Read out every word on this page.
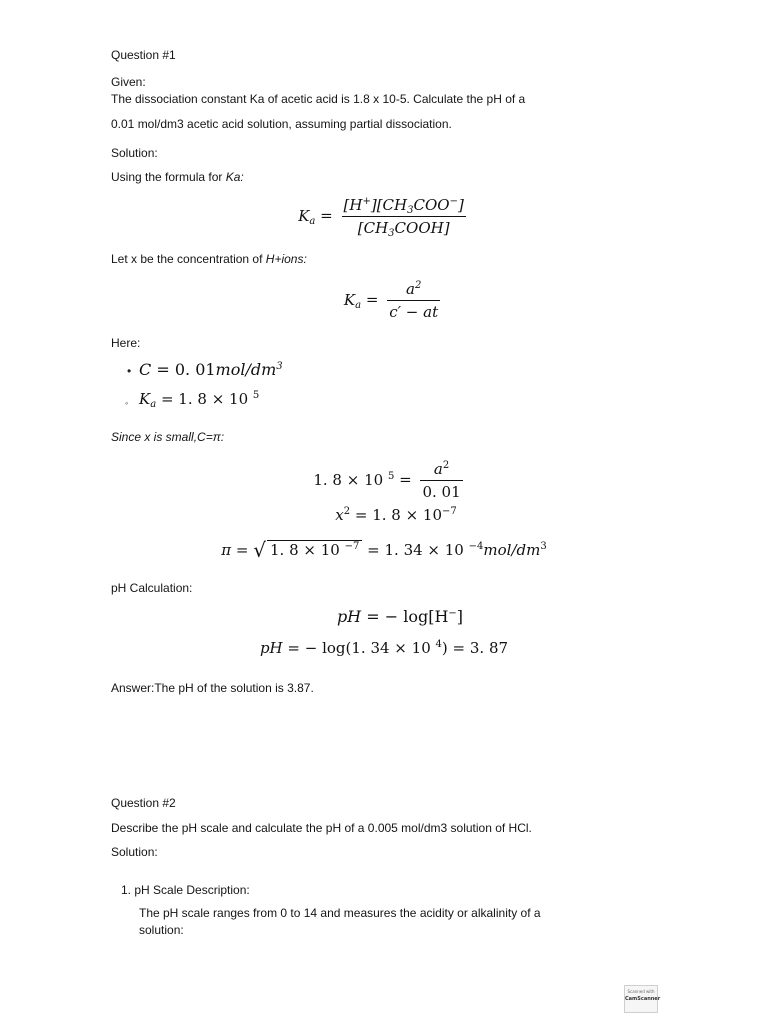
Question #1
Given:
The dissociation constant Ka of acetic acid is 1.8 x 10-5. Calculate the pH of a
0.01 mol/dm3 acetic acid solution, assuming partial dissociation.
Solution:
Using the formula for Ka:
$K_a = \frac{[H^+][CH_3COO^-]}{[CH_3COOH]}$
Let x be the concentration of H+ions:
$K_a = \frac{a^2}{c' - at}$
Here:
• C = 0. $01mol/dm^3$
◦ $K_a = 1$. 8 × 10 $^5$
Since x is small,C=π:
1. 8 × 10 $^5 = \frac{a^2}{0. 01}$
$x^2 = 1$. $8 \times 10^{-7}$
π = √ 1. 8 × 10 $^{-7}$ = 1. 34 × 10 $^{-4}mol/dm^3$
pH Calculation:
pH = − log[H−]
pH = − log(1. 34 × 10 $^4$) = 3. 87
Answer:The pH of the solution is 3.87.
Question #2
Describe the pH scale and calculate the pH of a 0.005 mol/dm3 solution of HCl.
Solution:
1. pH Scale Description:
The pH scale ranges from 0 to 14 and measures the acidity or alkalinity of a
solution:
Scanned with
CamScanner
